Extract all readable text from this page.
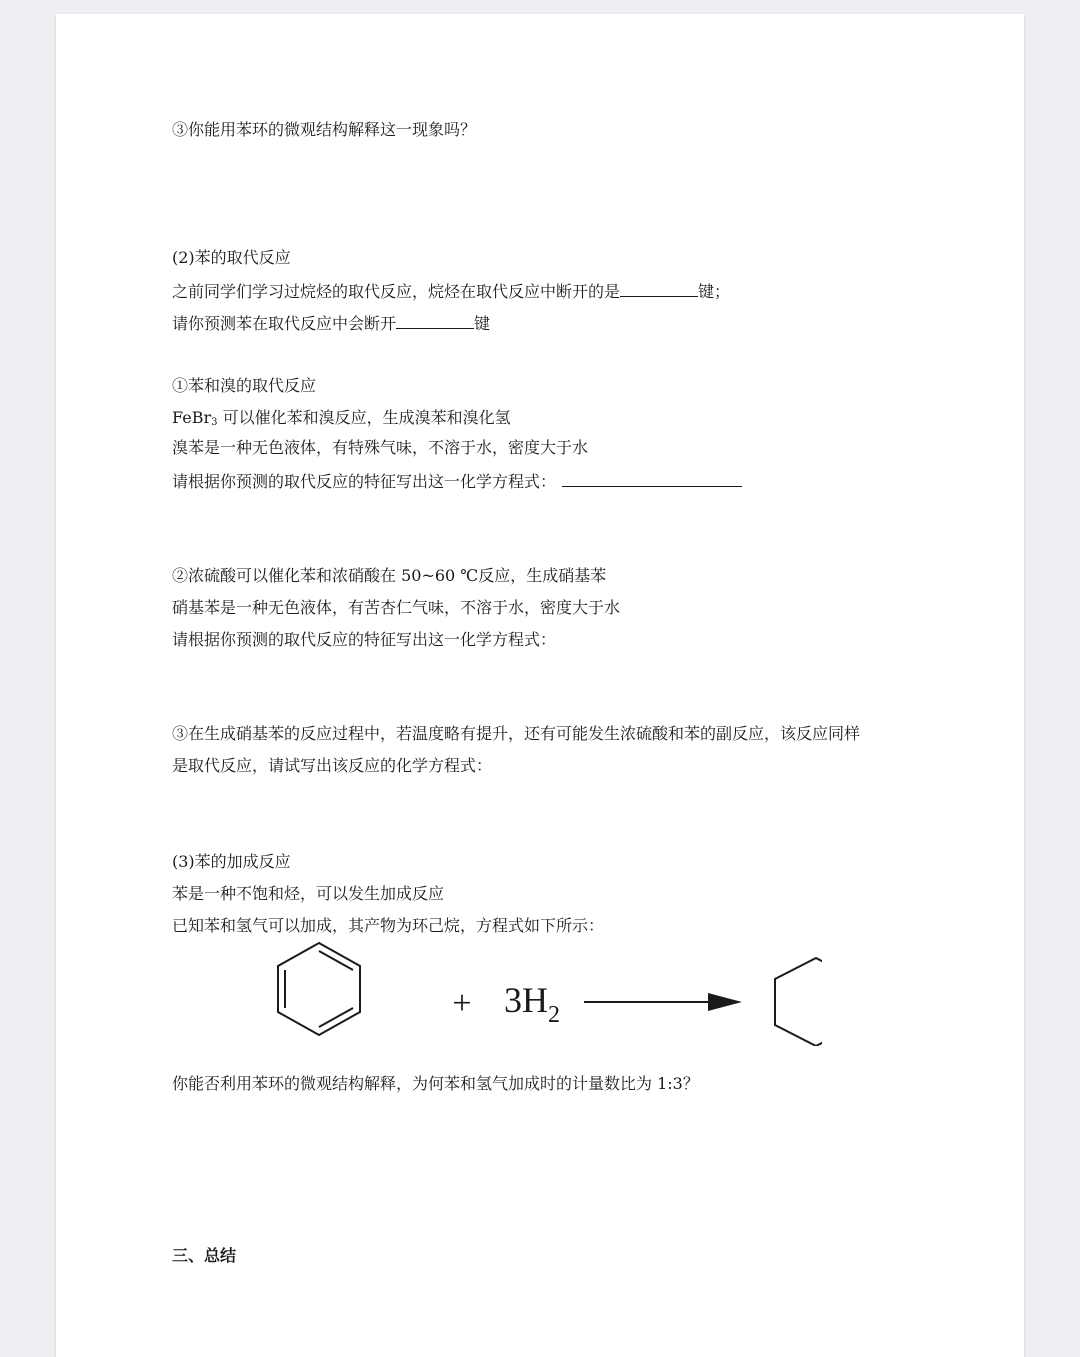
③你能用苯环的微观结构解释这一现象吗？
(2)苯的取代反应
之前同学们学习过烷烃的取代反应，烷烃在取代反应中断开的是	键；
请你预测苯在取代反应中会断开	键
①苯和溴的取代反应
FeBr$_3$ 可以催化苯和溴反应，生成溴苯和溴化氢
溴苯是一种无色液体，有特殊气味，不溶于水，密度大于水
请根据你预测的取代反应的特征写出这一化学方程式：
②浓硫酸可以催化苯和浓硝酸在 50~60 ℃反应，生成硝基苯
硝基苯是一种无色液体，有苦杏仁气味，不溶于水，密度大于水
请根据你预测的取代反应的特征写出这一化学方程式：
③在生成硝基苯的反应过程中，若温度略有提升，还有可能发生浓硫酸和苯的副反应，该反应同样
是取代反应，请试写出该反应的化学方程式：
(3)苯的加成反应
苯是一种不饱和烃，可以发生加成反应
已知苯和氢气可以加成，其产物为环己烷，方程式如下所示：
+ $3H_2$
你能否利用苯环的微观结构解释，为何苯和氢气加成时的计量数比为 1:3？
三、总结
